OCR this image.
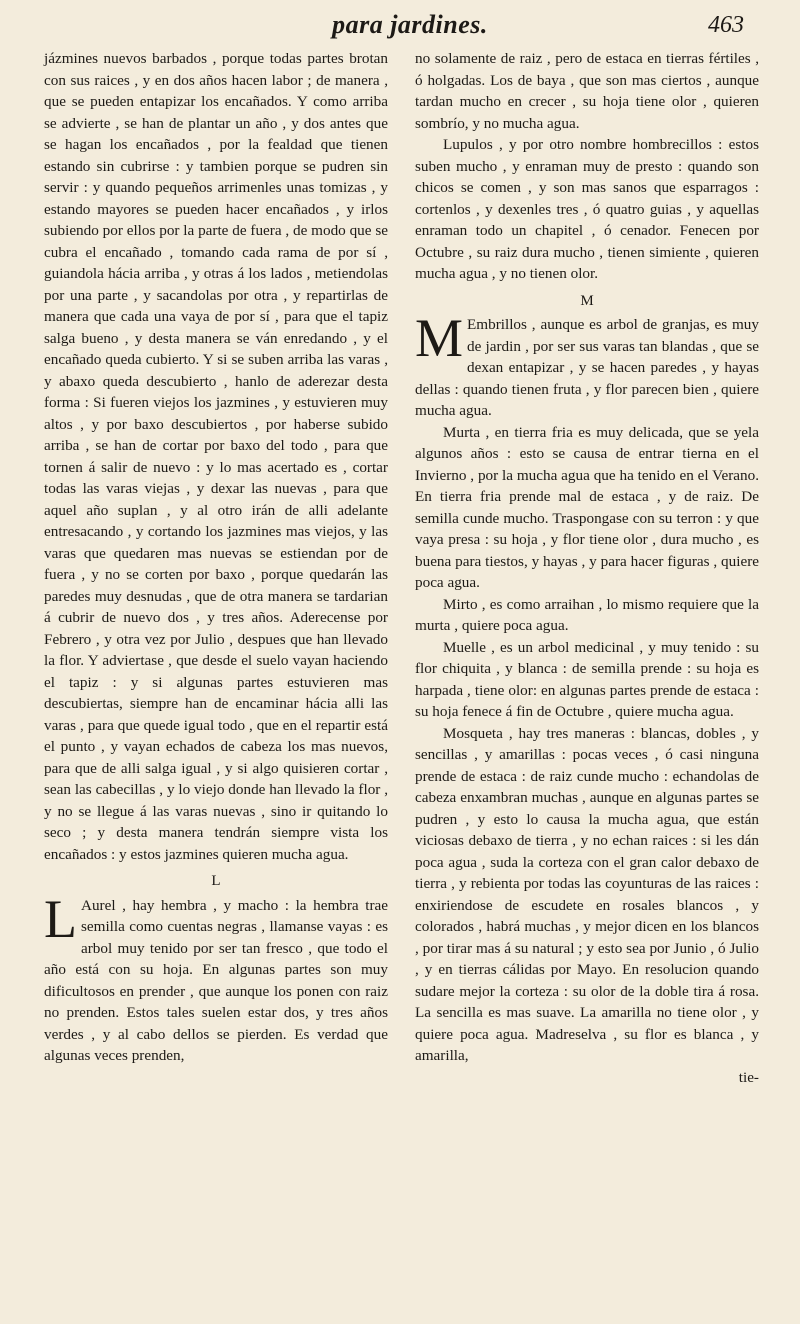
para jardines.	463

jázmines nuevos barbados , porque todas partes brotan con sus raices , y en dos años hacen labor ; de manera , que se pueden entapizar los encañados. Y como arriba se advierte , se han de plantar un año , y dos antes que se hagan los encañados , por la fealdad que tienen estando sin cubrirse : y tambien porque se pudren sin servir : y quando pequeños arrimenles unas tomizas , y estando mayores se pueden hacer encañados , y irlos subiendo por ellos por la parte de fuera , de modo que se cubra el encañado , tomando cada rama de por sí , guiandola hácia arriba , y otras á los lados , metiendolas por una parte , y sacandolas por otra , y repartirlas de manera que cada una vaya de por sí , para que el tapiz salga bueno , y desta manera se ván enredando , y el encañado queda cubierto. Y si se suben arriba las varas , y abaxo queda descubierto , hanlo de aderezar desta forma : Si fueren viejos los jazmines , y estuvieren muy altos , y por baxo descubiertos , por haberse subido arriba , se han de cortar por baxo del todo , para que tornen á salir de nuevo : y lo mas acertado es , cortar todas las varas viejas , y dexar las nuevas , para que aquel año suplan , y al otro irán de alli adelante entresacando , y cortando los jazmines mas viejos, y las varas que quedaren mas nuevas se estiendan por de fuera , y no se corten por baxo , porque quedarán las paredes muy desnudas , que de otra manera se tardarian á cubrir de nuevo dos , y tres años. Aderecense por Febrero , y otra vez por Julio , despues que han llevado la flor. Y adviertase , que desde el suelo vayan haciendo el tapiz : y si algunas partes estuvieren mas descubiertas, siempre han de encaminar hácia alli las varas , para que quede igual todo , que en el repartir está el punto , y vayan echados de cabeza los mas nuevos, para que de alli salga igual , y si algo quisieren cortar , sean las cabecillas , y lo viejo donde han llevado la flor , y no se llegue á las varas nuevas , sino ir quitando lo seco ; y desta manera tendrán siempre vista los encañados : y estos jazmines quieren mucha agua.

L

L Aurel , hay hembra , y macho : la hembra trae semilla como cuentas negras , llamanse vayas : es arbol muy tenido por ser tan fresco , que todo el año está con su hoja. En algunas partes son muy dificultosos en prender , que aunque los ponen con raiz no prenden. Estos tales suelen estar dos, y tres años verdes , y al cabo dellos se pierden. Es verdad que algunas veces prenden,

no solamente de raiz , pero de estaca en tierras fértiles , ó holgadas. Los de baya , que son mas ciertos , aunque tardan mucho en crecer , su hoja tiene olor , quieren sombrío, y no mucha agua.

Lupulos , y por otro nombre hombrecillos : estos suben mucho , y enraman muy de presto : quando son chicos se comen , y son mas sanos que esparragos : cortenlos , y dexenles tres , ó quatro guias , y aquellas enraman todo un chapitel , ó cenador. Fenecen por Octubre , su raiz dura mucho , tienen simiente , quieren mucha agua , y no tienen olor.

M

M Embrillos , aunque es arbol de granjas, es muy de jardin , por ser sus varas tan blandas , que se dexan entapizar , y se hacen paredes , y hayas dellas : quando tienen fruta , y flor parecen bien , quiere mucha agua.

Murta , en tierra fria es muy delicada, que se yela algunos años : esto se causa de entrar tierna en el Invierno , por la mucha agua que ha tenido en el Verano. En tierra fria prende mal de estaca , y de raiz. De semilla cunde mucho. Traspongase con su terron : y que vaya presa : su hoja , y flor tiene olor , dura mucho , es buena para tiestos, y hayas , y para hacer figuras , quiere poca agua.

Mirto , es como arraihan , lo mismo requiere que la murta , quiere poca agua.

Muelle , es un arbol medicinal , y muy tenido : su flor chiquita , y blanca : de semilla prende : su hoja es harpada , tiene olor: en algunas partes prende de estaca : su hoja fenece á fin de Octubre , quiere mucha agua.

Mosqueta , hay tres maneras : blancas, dobles , y sencillas , y amarillas : pocas veces , ó casi ninguna prende de estaca : de raiz cunde mucho : echandolas de cabeza enxambran muchas , aunque en algunas partes se pudren , y esto lo causa la mucha agua, que están viciosas debaxo de tierra , y no echan raices : si les dán poca agua , suda la corteza con el gran calor debaxo de tierra , y rebienta por todas las coyunturas de las raices : enxiriendose de escudete en rosales blancos , y colorados , habrá muchas , y mejor dicen en los blancos , por tirar mas á su natural ; y esto sea por Junio , ó Julio , y en tierras cálidas por Mayo. En resolucion quando sudare mejor la corteza : su olor de la doble tira á rosa. La sencilla es mas suave. La amarilla no tiene olor , y quiere poca agua. Madreselva , su flor es blanca , y amarilla,

tie-
